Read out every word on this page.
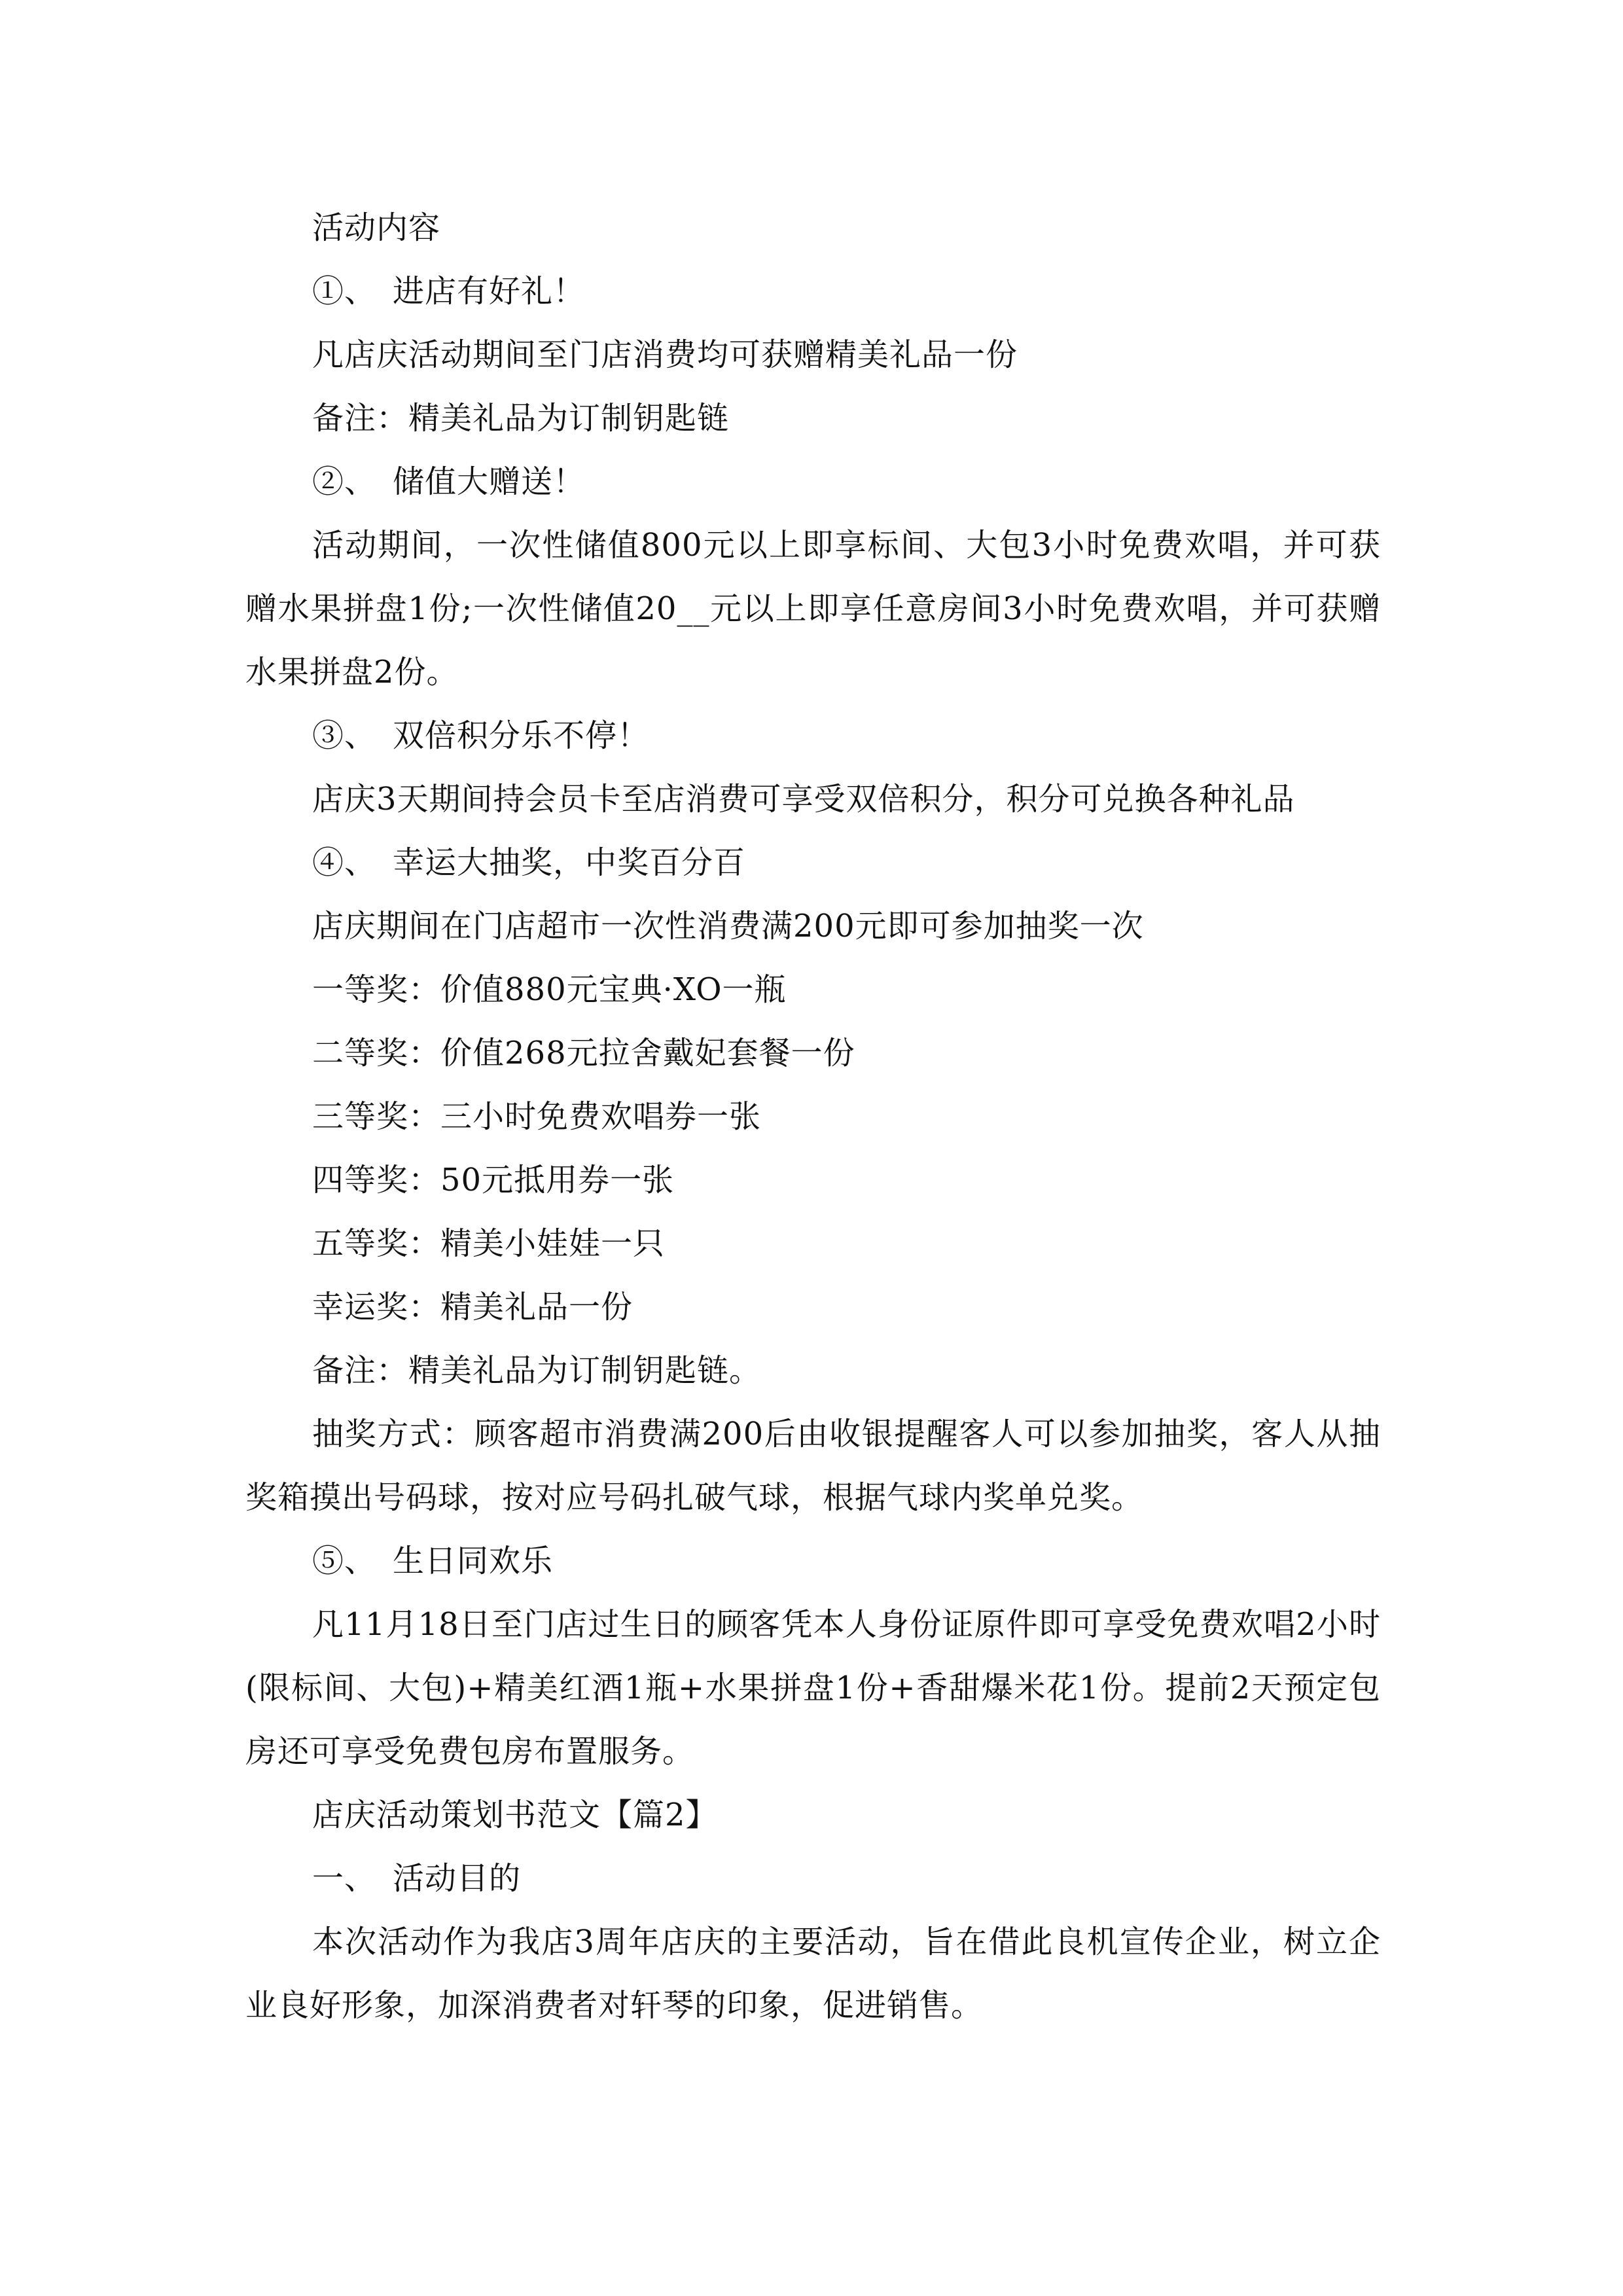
活动内容

①、　进店有好礼！

凡店庆活动期间至门店消费均可获赠精美礼品一份

备注：精美礼品为订制钥匙链

②、　储值大赠送！

活动期间，一次性储值800元以上即享标间、大包3小时免费欢唱，并可获赠水果拼盘1份;一次性储值20__元以上即享任意房间3小时免费欢唱，并可获赠水果拼盘2份。

③、　双倍积分乐不停！

店庆3天期间持会员卡至店消费可享受双倍积分，积分可兑换各种礼品

④、　幸运大抽奖，中奖百分百

店庆期间在门店超市一次性消费满200元即可参加抽奖一次

一等奖：价值880元宝典·XO一瓶

二等奖：价值268元拉舍戴妃套餐一份

三等奖：三小时免费欢唱券一张

四等奖：50元抵用券一张

五等奖：精美小娃娃一只

幸运奖：精美礼品一份

备注：精美礼品为订制钥匙链。

抽奖方式：顾客超市消费满200后由收银提醒客人可以参加抽奖，客人从抽奖箱摸出号码球，按对应号码扎破气球，根据气球内奖单兑奖。

⑤、　生日同欢乐

凡11月18日至门店过生日的顾客凭本人身份证原件即可享受免费欢唱2小时(限标间、大包)+精美红酒1瓶+水果拼盘1份+香甜爆米花1份。提前2天预定包房还可享受免费包房布置服务。

店庆活动策划书范文【篇2】

一、　活动目的

本次活动作为我店3周年店庆的主要活动，旨在借此良机宣传企业，树立企业良好形象，加深消费者对轩琴的印象，促进销售。
